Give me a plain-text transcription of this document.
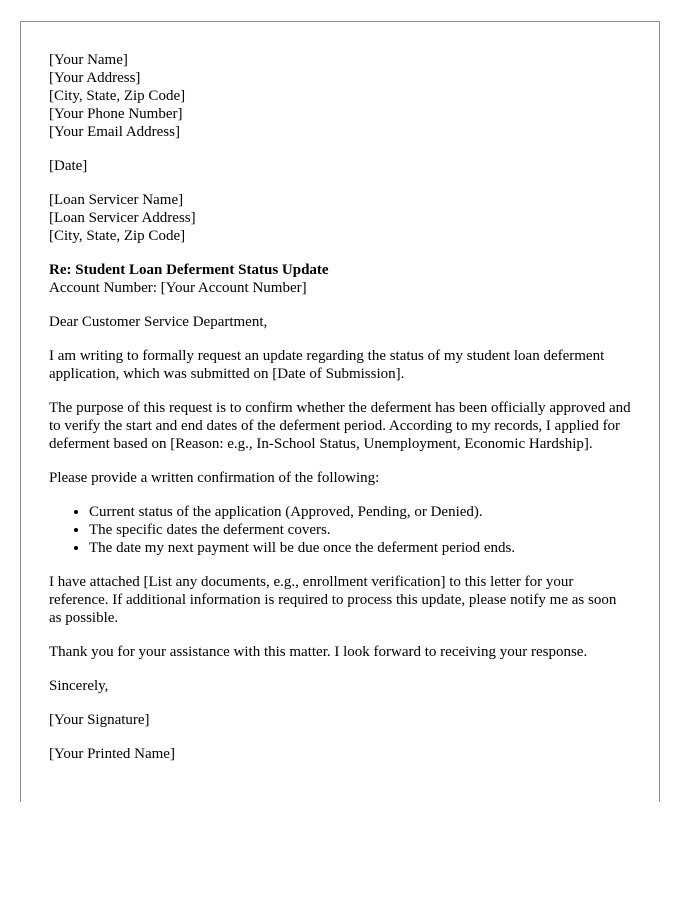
[Your Name]
[Your Address]
[City, State, Zip Code]
[Your Phone Number]
[Your Email Address]
[Date]
[Loan Servicer Name]
[Loan Servicer Address]
[City, State, Zip Code]
Re: Student Loan Deferment Status Update
Account Number: [Your Account Number]

Dear Customer Service Department,

I am writing to formally request an update regarding the status of my student loan deferment application, which was submitted on [Date of Submission].

The purpose of this request is to confirm whether the deferment has been officially approved and to verify the start and end dates of the deferment period. According to my records, I applied for deferment based on [Reason: e.g., In-School Status, Unemployment, Economic Hardship].

Please provide a written confirmation of the following:

• Current status of the application (Approved, Pending, or Denied).
• The specific dates the deferment covers.
• The date my next payment will be due once the deferment period ends.

I have attached [List any documents, e.g., enrollment verification] to this letter for your reference. If additional information is required to process this update, please notify me as soon as possible.

Thank you for your assistance with this matter. I look forward to receiving your response.

Sincerely,

[Your Signature]

[Your Printed Name]
